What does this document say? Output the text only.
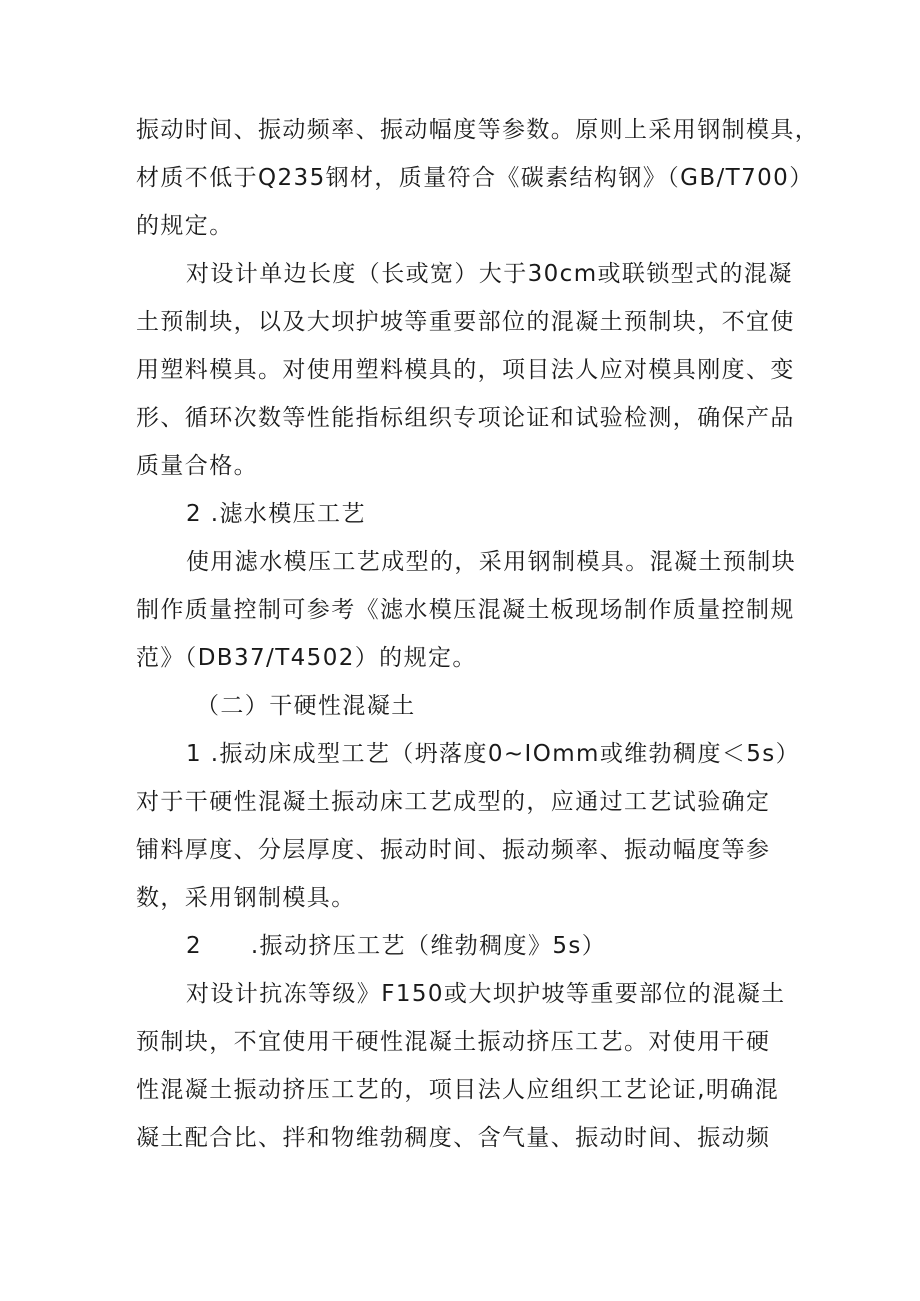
振动时间、振动频率、振动幅度等参数。原则上采用钢制模具，
材质不低于Q235钢材，质量符合《碳素结构钢》（GB/T700）
的规定。
对设计单边长度（长或宽）大于30cm或联锁型式的混凝
土预制块，以及大坝护坡等重要部位的混凝土预制块，不宜使
用塑料模具。对使用塑料模具的，项目法人应对模具刚度、变
形、循环次数等性能指标组织专项论证和试验检测，确保产品
质量合格。
2 .滤水模压工艺
使用滤水模压工艺成型的，采用钢制模具。混凝土预制块
制作质量控制可参考《滤水模压混凝土板现场制作质量控制规
范》（DB37/T4502）的规定。
（二）干硬性混凝土
1 .振动床成型工艺（坍落度0~IOmm或维勃稠度＜5s）
对于干硬性混凝土振动床工艺成型的，应通过工艺试验确定
铺料厚度、分层厚度、振动时间、振动频率、振动幅度等参
数，采用钢制模具。
2　　.振动挤压工艺（维勃稠度》5s）
对设计抗冻等级》F150或大坝护坡等重要部位的混凝土
预制块，不宜使用干硬性混凝土振动挤压工艺。对使用干硬
性混凝土振动挤压工艺的，项目法人应组织工艺论证,明确混
凝土配合比、拌和物维勃稠度、含气量、振动时间、振动频
